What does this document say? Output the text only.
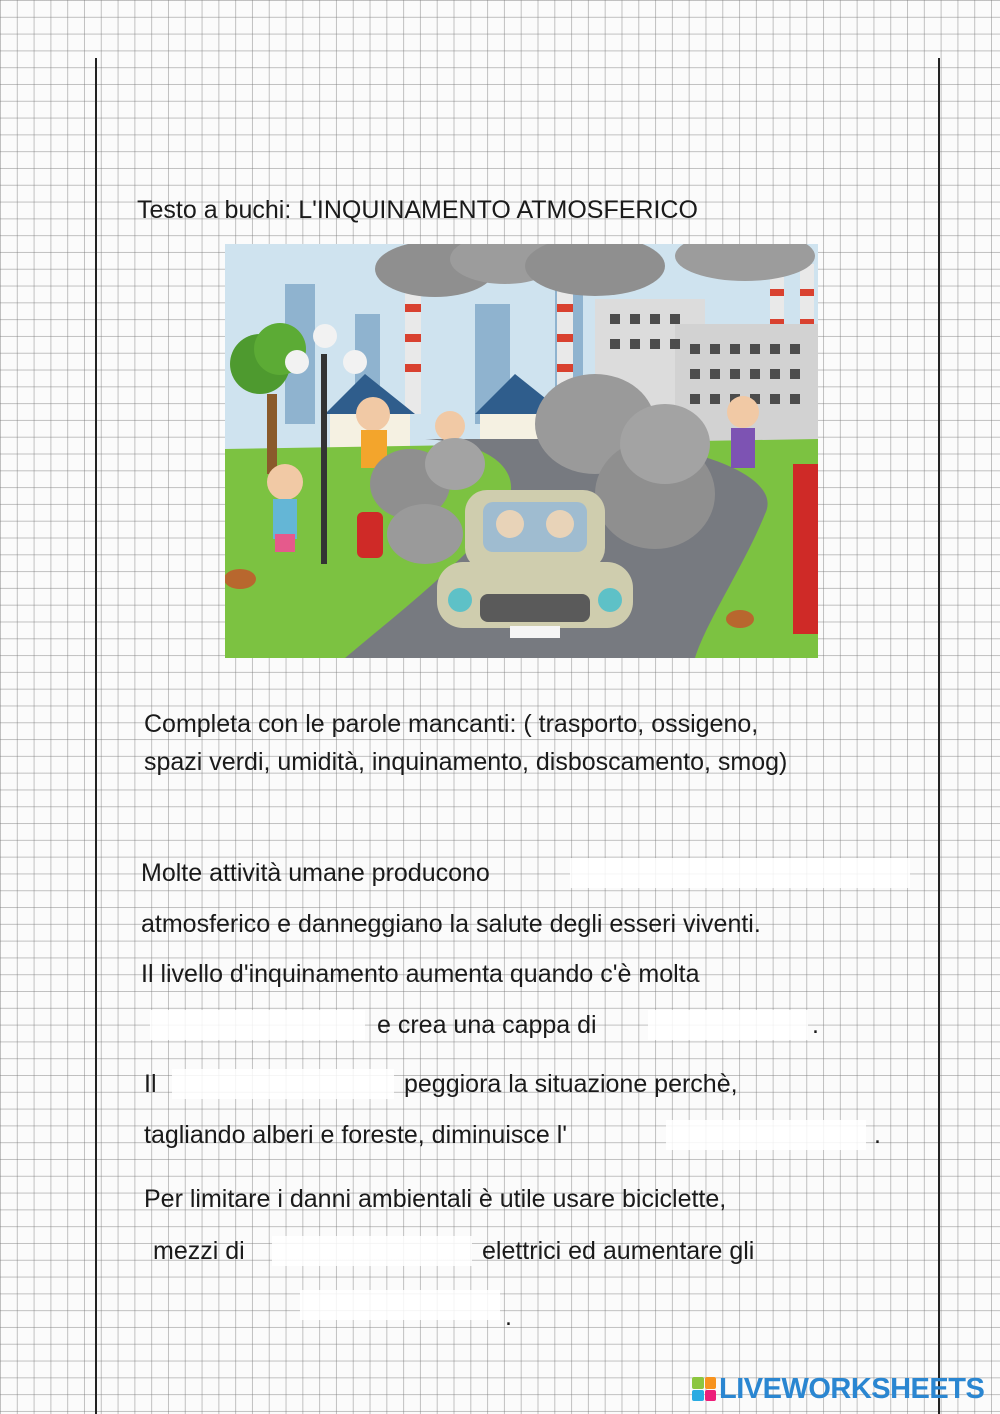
Testo a buchi: L'INQUINAMENTO ATMOSFERICO
Completa con le parole mancanti: ( trasporto, ossigeno,
spazi verdi, umidità, inquinamento, disboscamento, smog)
Molte attività umane producono
atmosferico e danneggiano la salute degli esseri viventi.
Il livello d'inquinamento aumenta quando c'è molta
e crea una cappa di	.
Il	peggiora la situazione perchè,
tagliando alberi e foreste, diminuisce l'	.
Per limitare i danni ambientali è utile usare biciclette,
mezzi di	elettrici ed aumentare gli
.
LIVEWORKSHEETS
